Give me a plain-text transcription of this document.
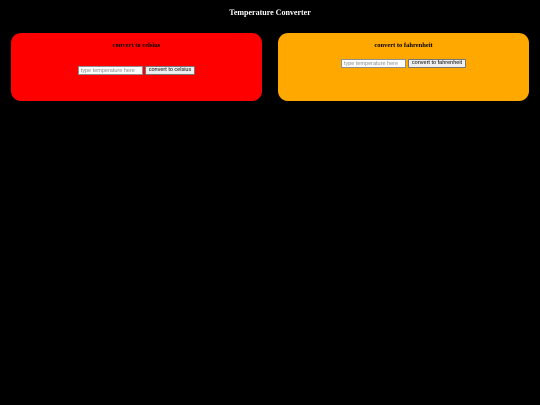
Temperature Converter
convert to celsius
type temperature here
convert to celsius
convert to fahrenheit
type temperature here
convert to fahrenheit
